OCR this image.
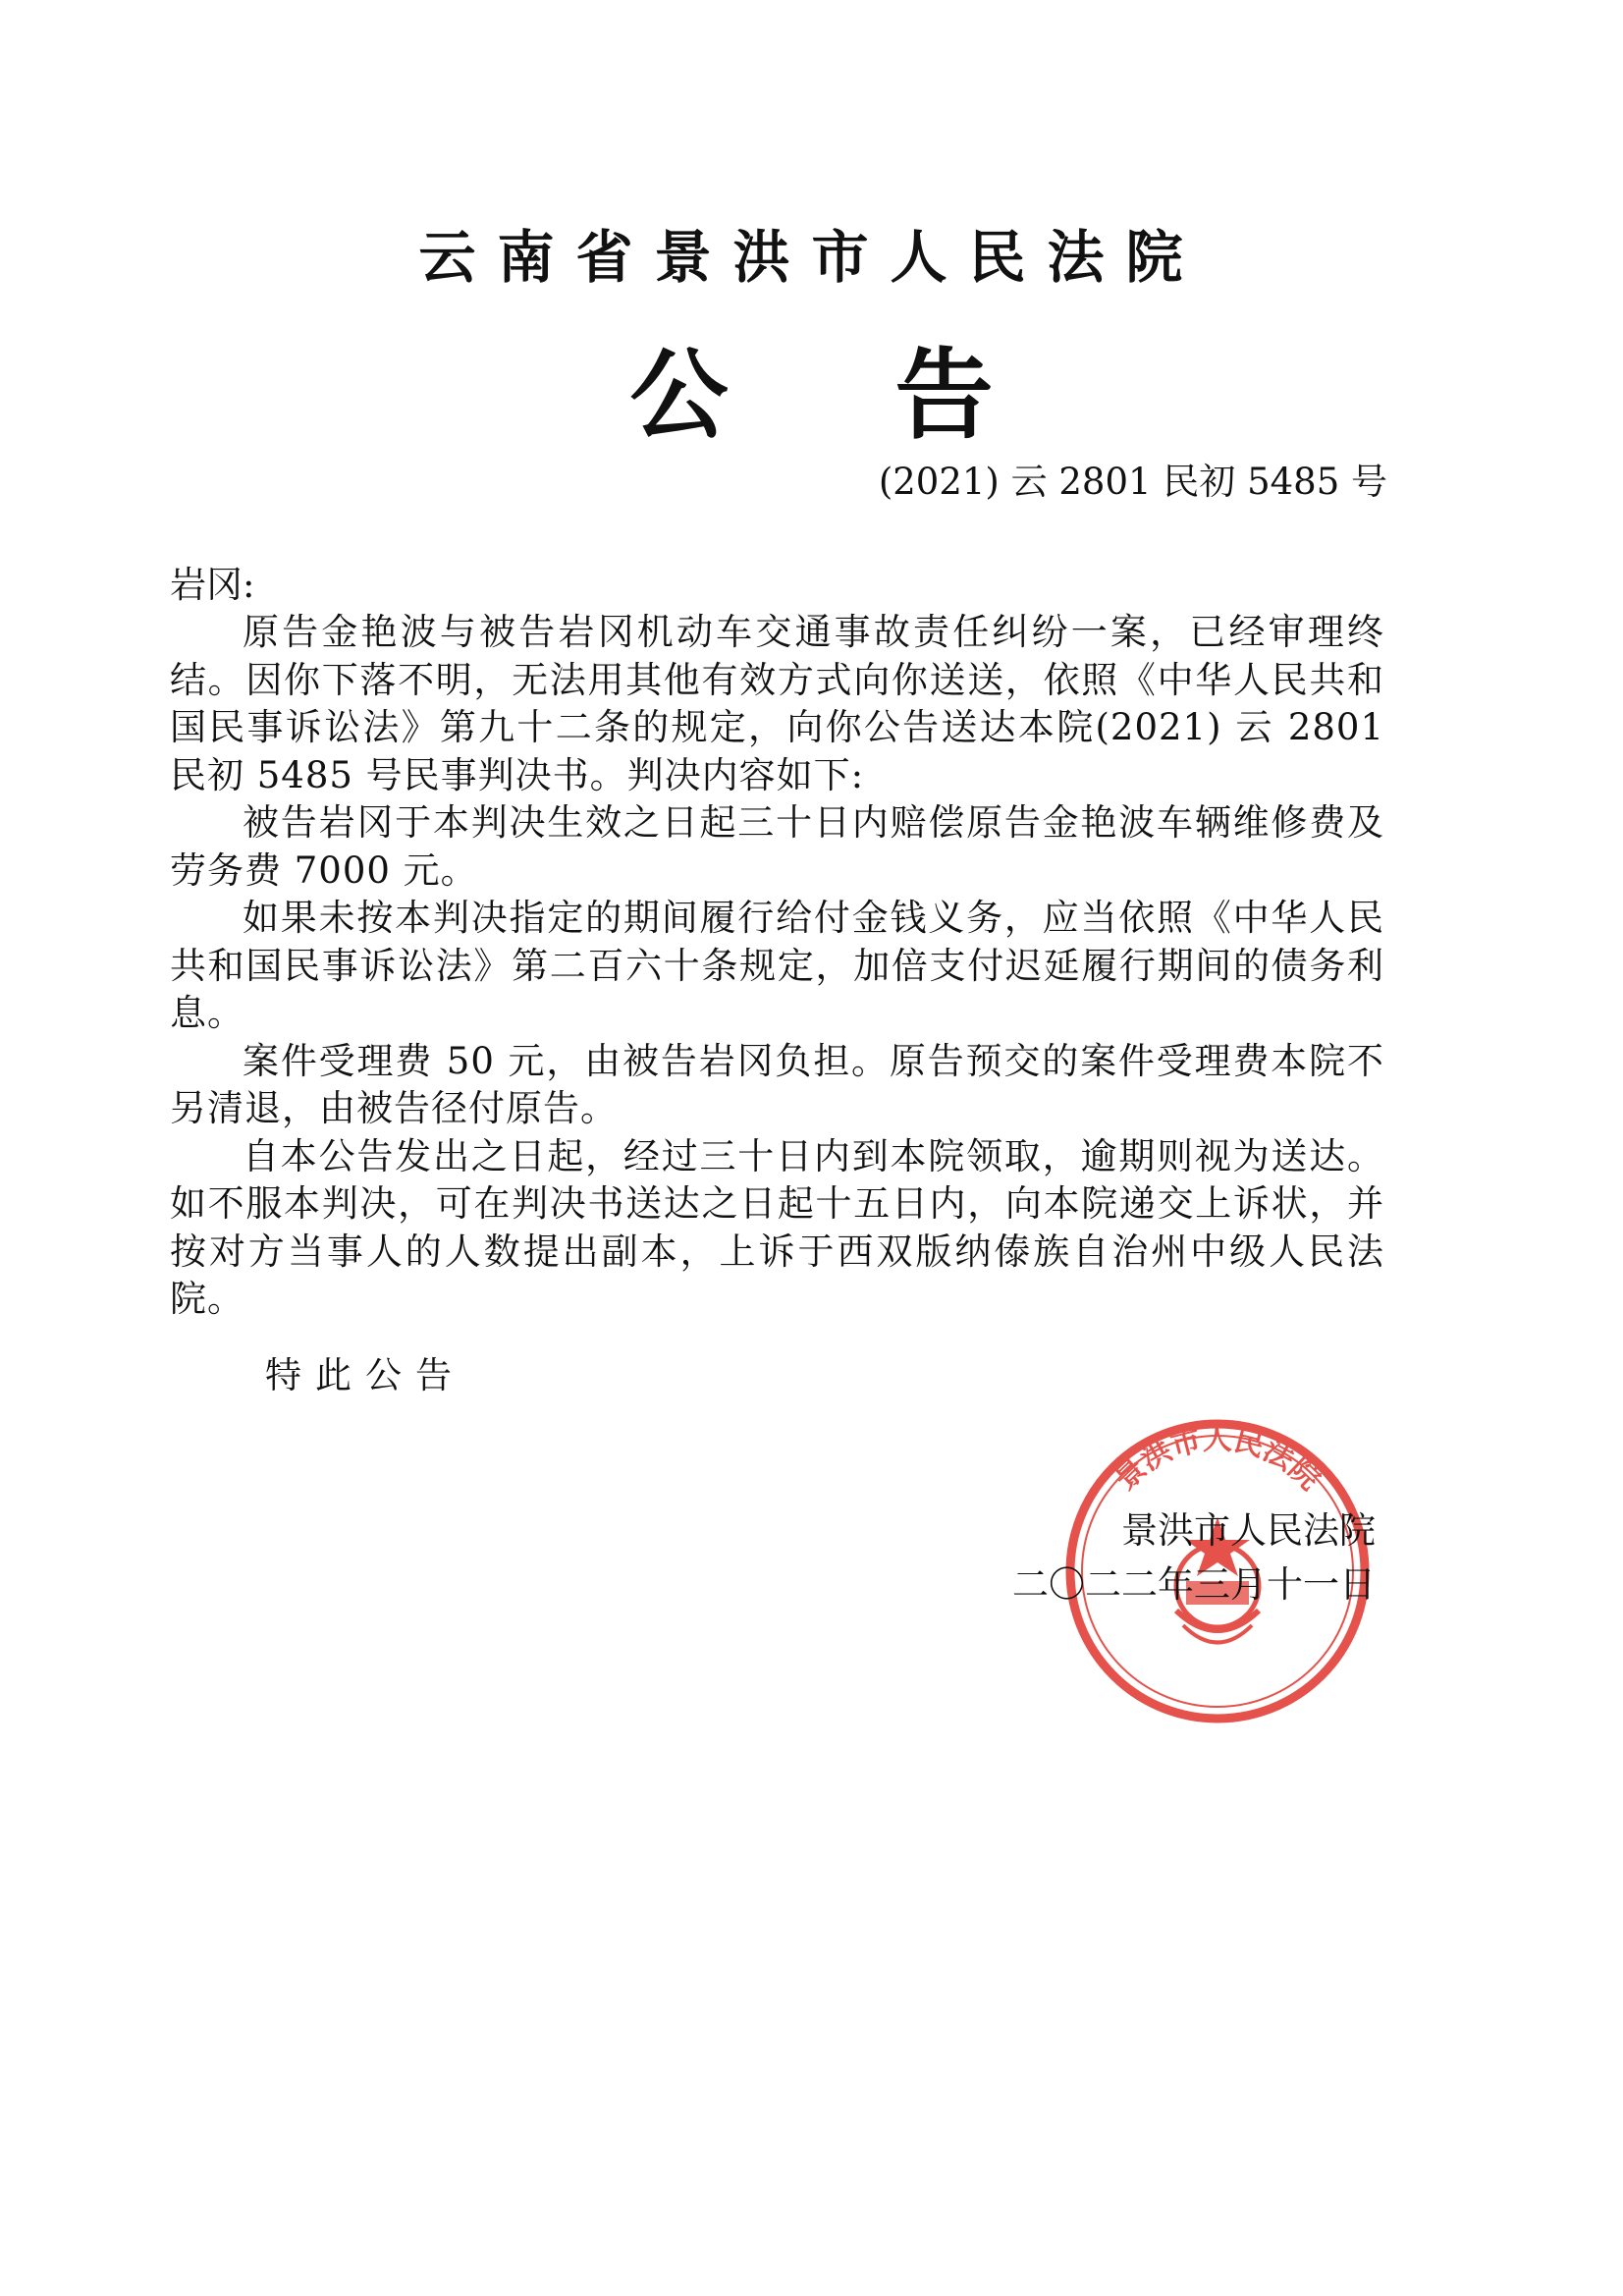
云南省景洪市人民法院
公告
(2021) 云 2801 民初 5485 号
岩冈:

原告金艳波与被告岩冈机动车交通事故责任纠纷一案，已经审理终结。因你下落不明，无法用其他有效方式向你送送，依照《中华人民共和国民事诉讼法》第九十二条的规定，向你公告送达本院(2021) 云 2801 民初 5485 号民事判决书。判决内容如下:

被告岩冈于本判决生效之日起三十日内赔偿原告金艳波车辆维修费及劳务费 7000 元。

如果未按本判决指定的期间履行给付金钱义务，应当依照《中华人民共和国民事诉讼法》第二百六十条规定，加倍支付迟延履行期间的债务利息。

案件受理费 50 元，由被告岩冈负担。原告预交的案件受理费本院不另清退，由被告径付原告。

自本公告发出之日起，经过三十日内到本院领取，逾期则视为送达。如不服本判决，可在判决书送达之日起十五日内，向本院递交上诉状，并按对方当事人的人数提出副本，上诉于西双版纳傣族自治州中级人民法院。

特此公告
景洪市人民法院
景洪市人民法院
二〇二二年三月十一日
